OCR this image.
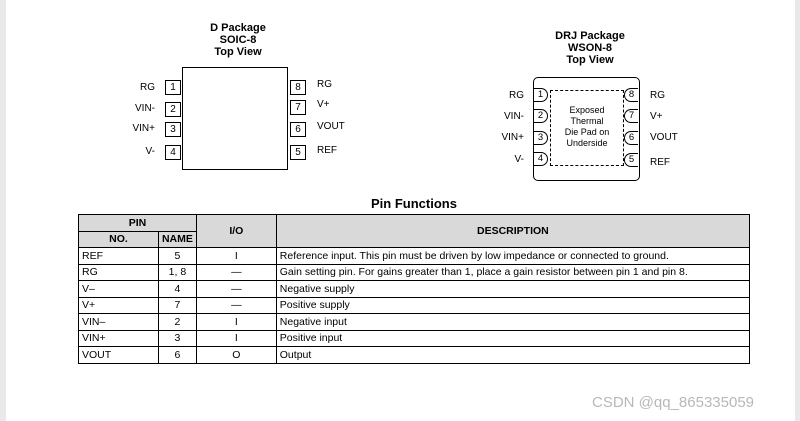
D Package
SOIC-8
Top View
1
2
3
4
RG
VIN-
VIN+
V-
8
7
6
5
RG
V+
VOUT
REF
DRJ Package
WSON-8
Top View
Exposed
Thermal
Die Pad on
Underside
1
2
3
4
RG
VIN-
VIN+
V-
8
7
6
5
RG
V+
VOUT
REF
Pin Functions
PIN		I/O	DESCRIPTION
NO.	NAME		
REF	5	I	Reference input. This pin must be driven by low impedance or connected to ground.
RG	1, 8	—	Gain setting pin. For gains greater than 1, place a gain resistor between pin 1 and pin 8.
V–	4	—	Negative supply
V+	7	—	Positive supply
VIN–	2	I	Negative input
VIN+	3	I	Positive input
VOUT	6	O	Output
CSDN @qq_865335059
